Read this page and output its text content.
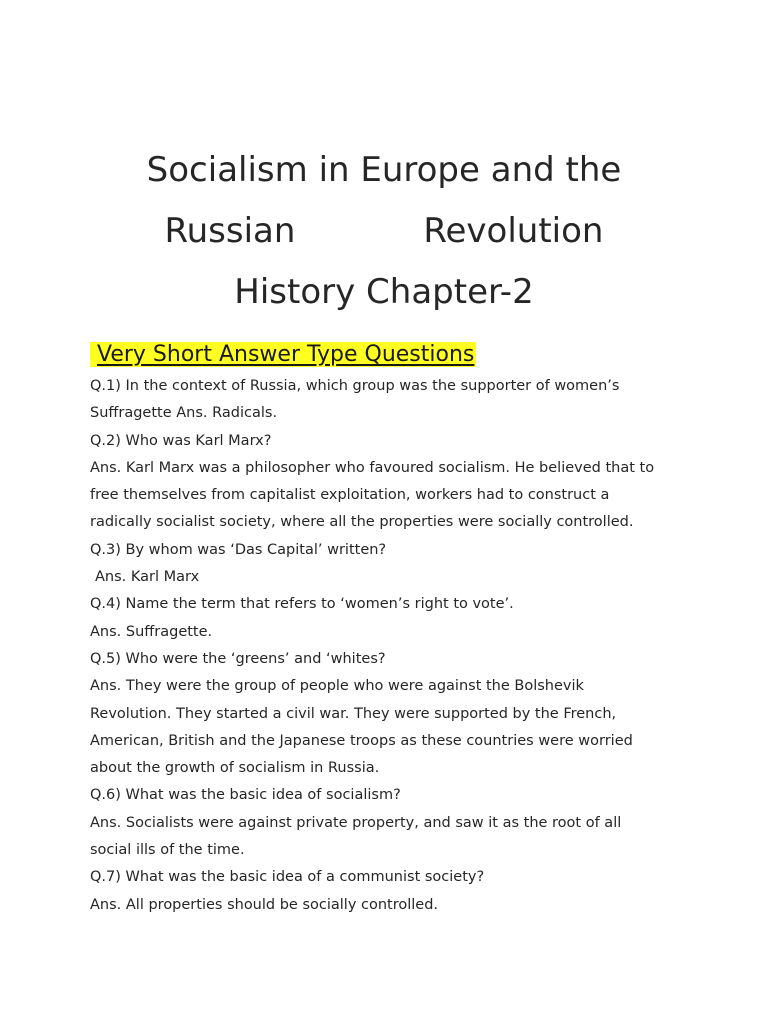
Socialism in Europe and the
Russian	Revolution
History Chapter-2
Very Short Answer Type Questions
Q.1) In the context of Russia, which group was the supporter of women’s
Suffragette Ans. Radicals.
Q.2) Who was Karl Marx?
Ans. Karl Marx was a philosopher who favoured socialism. He believed that to
free themselves from capitalist exploitation, workers had to construct a
radically socialist society, where all the properties were socially controlled.
Q.3) By whom was ‘Das Capital’ written?
Ans. Karl Marx
Q.4) Name the term that refers to ‘women’s right to vote’.
Ans. Suffragette.
Q.5) Who were the ‘greens’ and ‘whites?
Ans. They were the group of people who were against the Bolshevik
Revolution. They started a civil war. They were supported by the French,
American, British and the Japanese troops as these countries were worried
about the growth of socialism in Russia.
Q.6) What was the basic idea of socialism?
Ans. Socialists were against private property, and saw it as the root of all
social ills of the time.
Q.7) What was the basic idea of a communist society?
Ans. All properties should be socially controlled.
